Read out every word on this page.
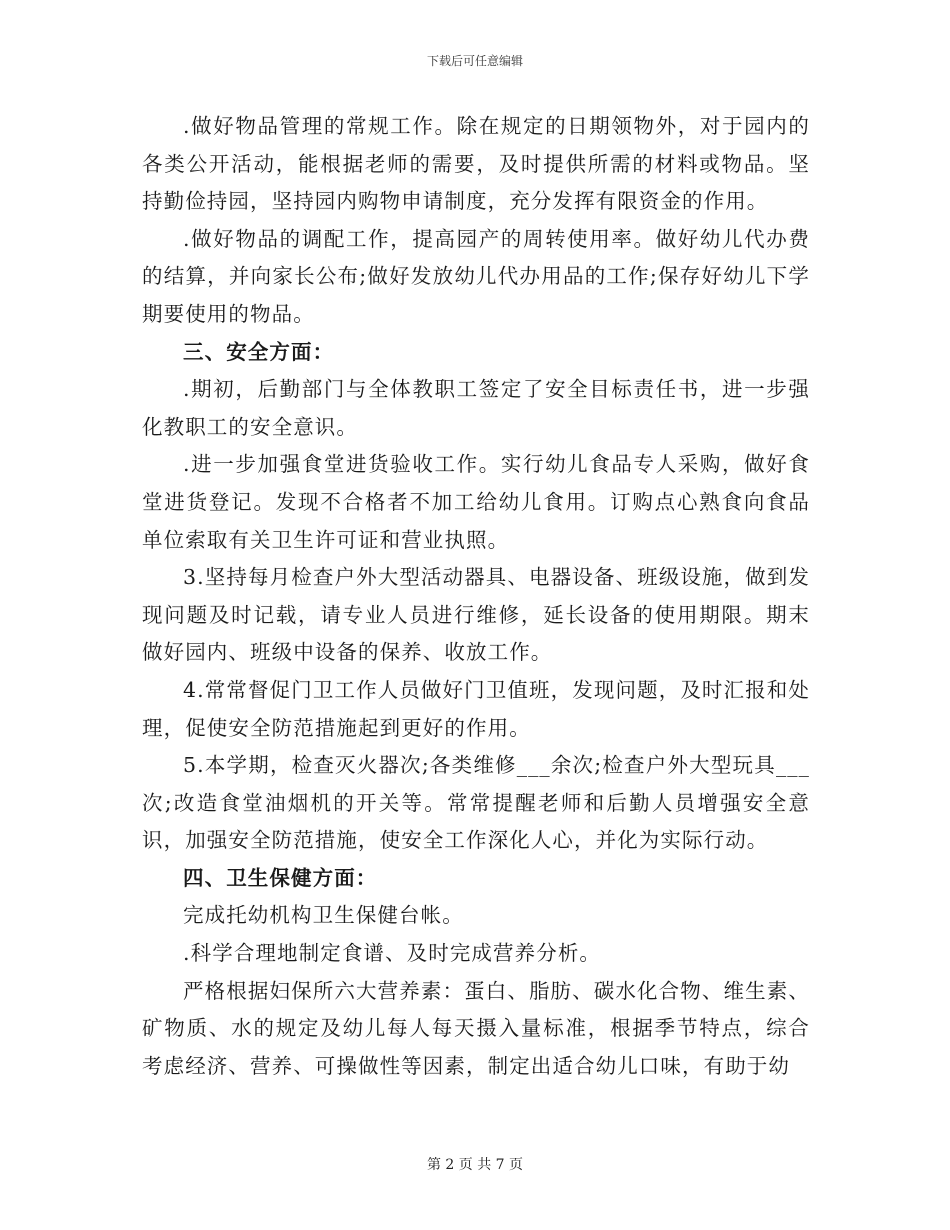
下载后可任意编辑

.做好物品管理的常规工作。除在规定的日期领物外，对于园内的各类公开活动，能根据老师的需要，及时提供所需的材料或物品。坚持勤俭持园，坚持园内购物申请制度，充分发挥有限资金的作用。

.做好物品的调配工作，提高园产的周转使用率。做好幼儿代办费的结算，并向家长公布;做好发放幼儿代办用品的工作;保存好幼儿下学期要使用的物品。

三、安全方面：

.期初，后勤部门与全体教职工签定了安全目标责任书，进一步强化教职工的安全意识。

.进一步加强食堂进货验收工作。实行幼儿食品专人采购，做好食堂进货登记。发现不合格者不加工给幼儿食用。订购点心熟食向食品单位索取有关卫生许可证和营业执照。

3.坚持每月检查户外大型活动器具、电器设备、班级设施，做到发现问题及时记载，请专业人员进行维修，延长设备的使用期限。期末做好园内、班级中设备的保养、收放工作。

4.常常督促门卫工作人员做好门卫值班，发现问题，及时汇报和处理，促使安全防范措施起到更好的作用。

5.本学期，检查灭火器次;各类维修___余次;检查户外大型玩具___次;改造食堂油烟机的开关等。常常提醒老师和后勤人员增强安全意识，加强安全防范措施，使安全工作深化人心，并化为实际行动。

四、卫生保健方面：

完成托幼机构卫生保健台帐。

.科学合理地制定食谱、及时完成营养分析。

严格根据妇保所六大营养素：蛋白、脂肪、碳水化合物、维生素、矿物质、水的规定及幼儿每人每天摄入量标准，根据季节特点，综合考虑经济、营养、可操做性等因素，制定出适合幼儿口味，有助于幼

第 2 页 共 7 页
